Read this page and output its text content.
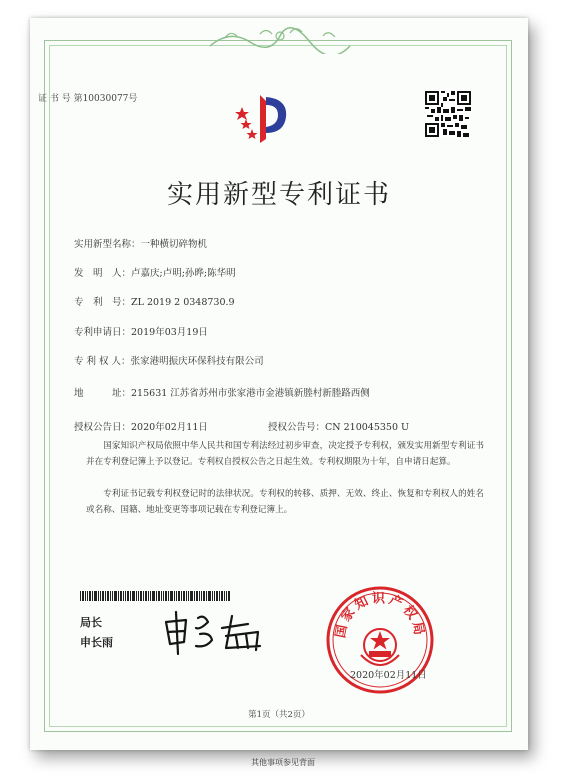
证 书 号 第10030077号
实用新型专利证书
实用新型名称：一种横切碎物机
发　明　人：卢嘉庆;卢明;孙晔;陈华明
专　利　号：ZL 2019 2 0348730.9
专利申请日：2019年03月19日
专 利 权 人：张家港明振庆环保科技有限公司
地　　　址：215631 江苏省苏州市张家港市金港镇新塍村新塍路西侧
授权公告日：2020年02月11日	授权公告号：CN 210045350 U
国家知识产权局依照中华人民共和国专利法经过初步审查，决定授予专利权，颁发实用新型专利证书并在专利登记簿上予以登记。专利权自授权公告之日起生效。专利权期限为十年，自申请日起算。
专利证书记载专利权登记时的法律状况。专利权的转移、质押、无效、终止、恢复和专利权人的姓名或名称、国籍、地址变更等事项记载在专利登记簿上。
局长
申长雨
国家知识产权局
2020年02月11日
第1页（共2页）
其他事项参见背面
